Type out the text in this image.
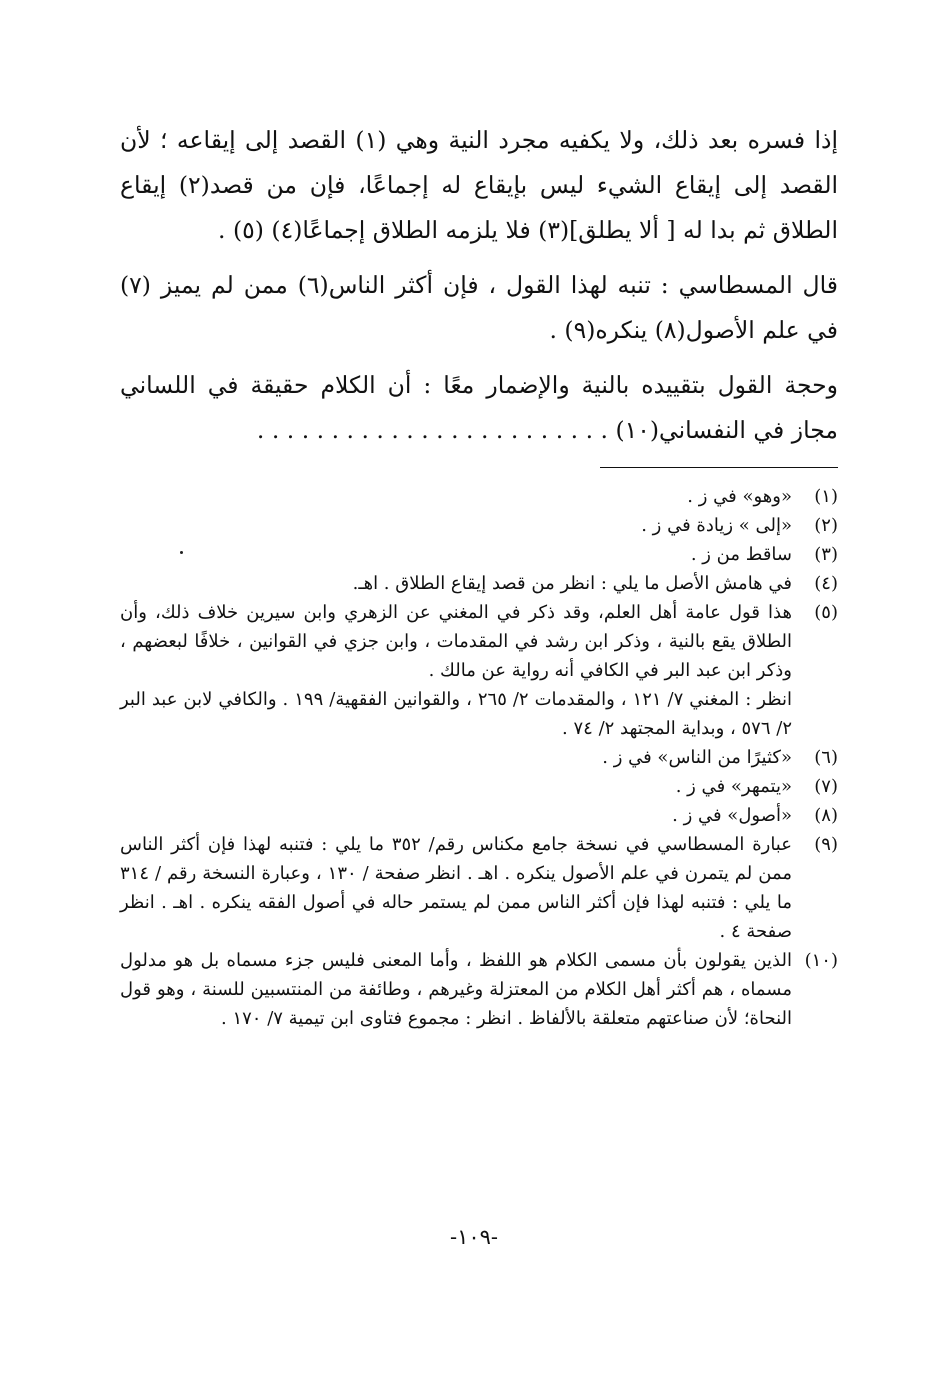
إذا فسره بعد ذلك، ولا يكفيه مجرد النية وهي (١) القصد إلى إيقاعه ؛ لأن القصد إلى إيقاع الشيء ليس بإيقاع له إجماعًا، فإن من قصد(٢) إيقاع الطلاق ثم بدا له [ ألا يطلق](٣) فلا يلزمه الطلاق إجماعًا(٤) (٥) .

قال المسطاسي : تنبه لهذا القول ، فإن أكثر الناس(٦) ممن لم يميز (٧) في علم الأصول(٨) ينكره(٩) .

وحجة القول بتقييده بالنية والإضمار معًا : أن الكلام حقيقة في اللساني مجاز في النفساني(١٠) . . . . . . . . . . . . . . . . . . . . . . . .

(١)
«وهو» في ز .
(٢)
«إلى » زيادة في ز .
(٣)
ساقط من ز .
(٤)
في هامش الأصل ما يلي : انظر من قصد إيقاع الطلاق . اهـ.
(٥)
هذا قول عامة أهل العلم، وقد ذكر في المغني عن الزهري وابن سيرين خلاف ذلك، وأن الطلاق يقع بالنية ، وذكر ابن رشد في المقدمات ، وابن جزي في القوانين ، خلافًا لبعضهم ، وذكر ابن عبد البر في الكافي أنه رواية عن مالك .
انظر : المغني ٧/ ١٢١ ، والمقدمات ٢/ ٢٦٥ ، والقوانين الفقهية/ ١٩٩ . والكافي لابن عبد البر ٢/ ٥٧٦ ، وبداية المجتهد ٢/ ٧٤ .
(٦)
«كثيرًا من الناس» في ز .
(٧)
«يتمهر» في ز .
(٨)
«أصول» في ز .
(٩)
عبارة المسطاسي في نسخة جامع مكناس رقم/ ٣٥٢ ما يلي : فتنبه لهذا فإن أكثر الناس ممن لم يتمرن في علم الأصول ينكره . اهـ . انظر صفحة / ١٣٠ ، وعبارة النسخة رقم / ٣١٤ ما يلي : فتنبه لهذا فإن أكثر الناس ممن لم يستمر حاله في أصول الفقه ينكره . اهـ . انظر صفحة ٤ .
(١٠)
الذين يقولون بأن مسمى الكلام هو اللفظ ، وأما المعنى فليس جزء مسماه بل هو مدلول مسماه ، هم أكثر أهل الكلام من المعتزلة وغيرهم ، وطائفة من المنتسبين للسنة ، وهو قول النحاة؛ لأن صناعتهم متعلقة بالألفاظ . انظر : مجموع فتاوى ابن تيمية ٧/ ١٧٠ .
-١٠٩-
